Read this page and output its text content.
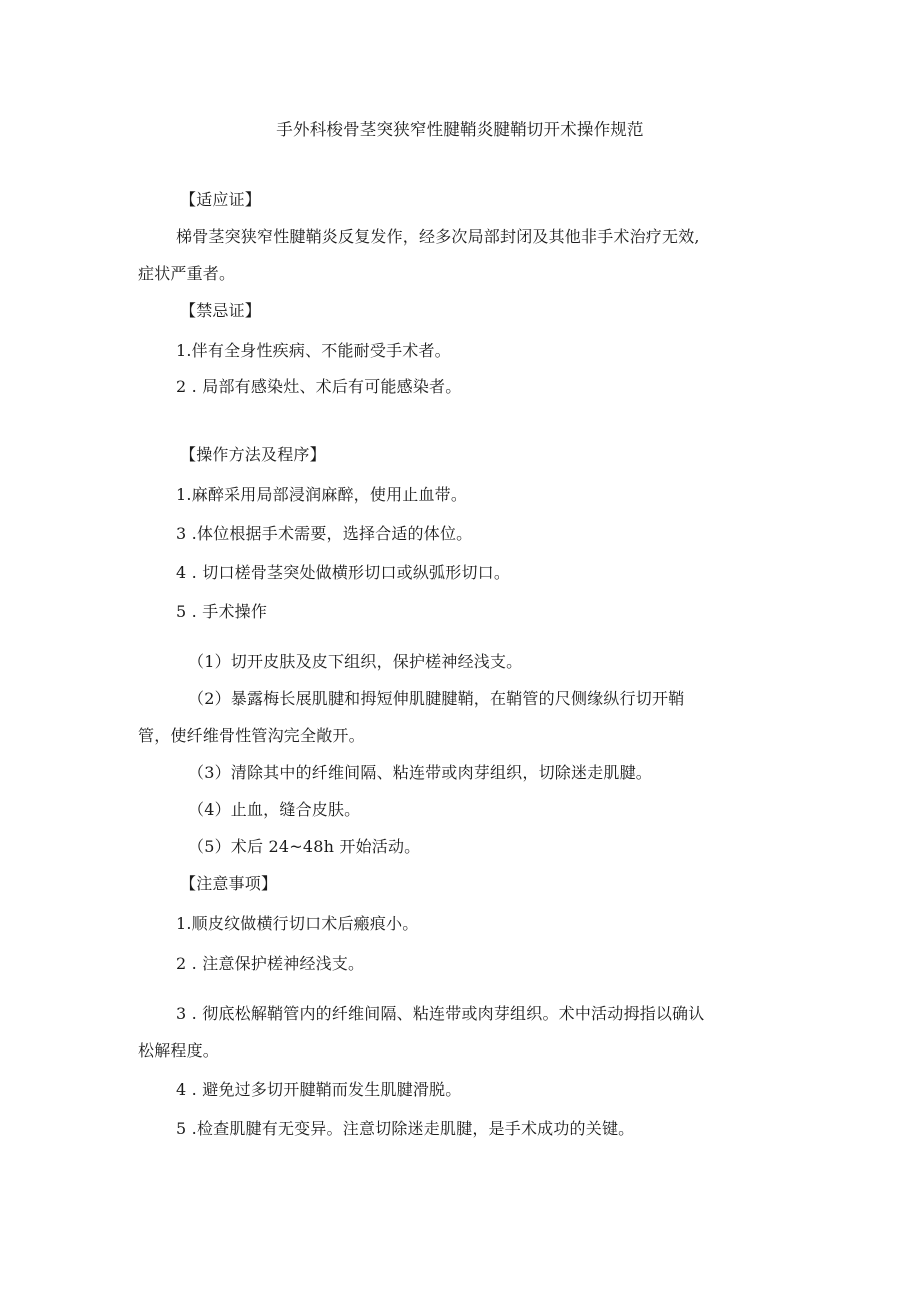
手外科梭骨茎突狭窄性腱鞘炎腱鞘切开术操作规范
【适应证】
梯骨茎突狭窄性腱鞘炎反复发作，经多次局部封闭及其他非手术治疗无效,
症状严重者。
【禁忌证】
1.伴有全身性疾病、不能耐受手术者。
2 . 局部有感染灶、术后有可能感染者。
【操作方法及程序】
1.麻醉采用局部浸润麻醉，使用止血带。
3 .体位根据手术需要，选择合适的体位。
4 . 切口槎骨茎突处做横形切口或纵弧形切口。
5 . 手术操作
（1）切开皮肤及皮下组织，保护槎神经浅支。
（2）暴露梅长展肌腱和拇短伸肌腱腱鞘，在鞘管的尺侧缘纵行切开鞘
管，使纤维骨性管沟完全敞开。
（3）清除其中的纤维间隔、粘连带或肉芽组织，切除迷走肌腱。
（4）止血，缝合皮肤。
（5）术后 24~48h 开始活动。
【注意事项】
1.顺皮纹做横行切口术后瘢痕小。
2 . 注意保护槎神经浅支。
3 . 彻底松解鞘管内的纤维间隔、粘连带或肉芽组织。术中活动拇指以确认
松解程度。
4 . 避免过多切开腱鞘而发生肌腱滑脱。
5 .检查肌腱有无变异。注意切除迷走肌腱，是手术成功的关键。
